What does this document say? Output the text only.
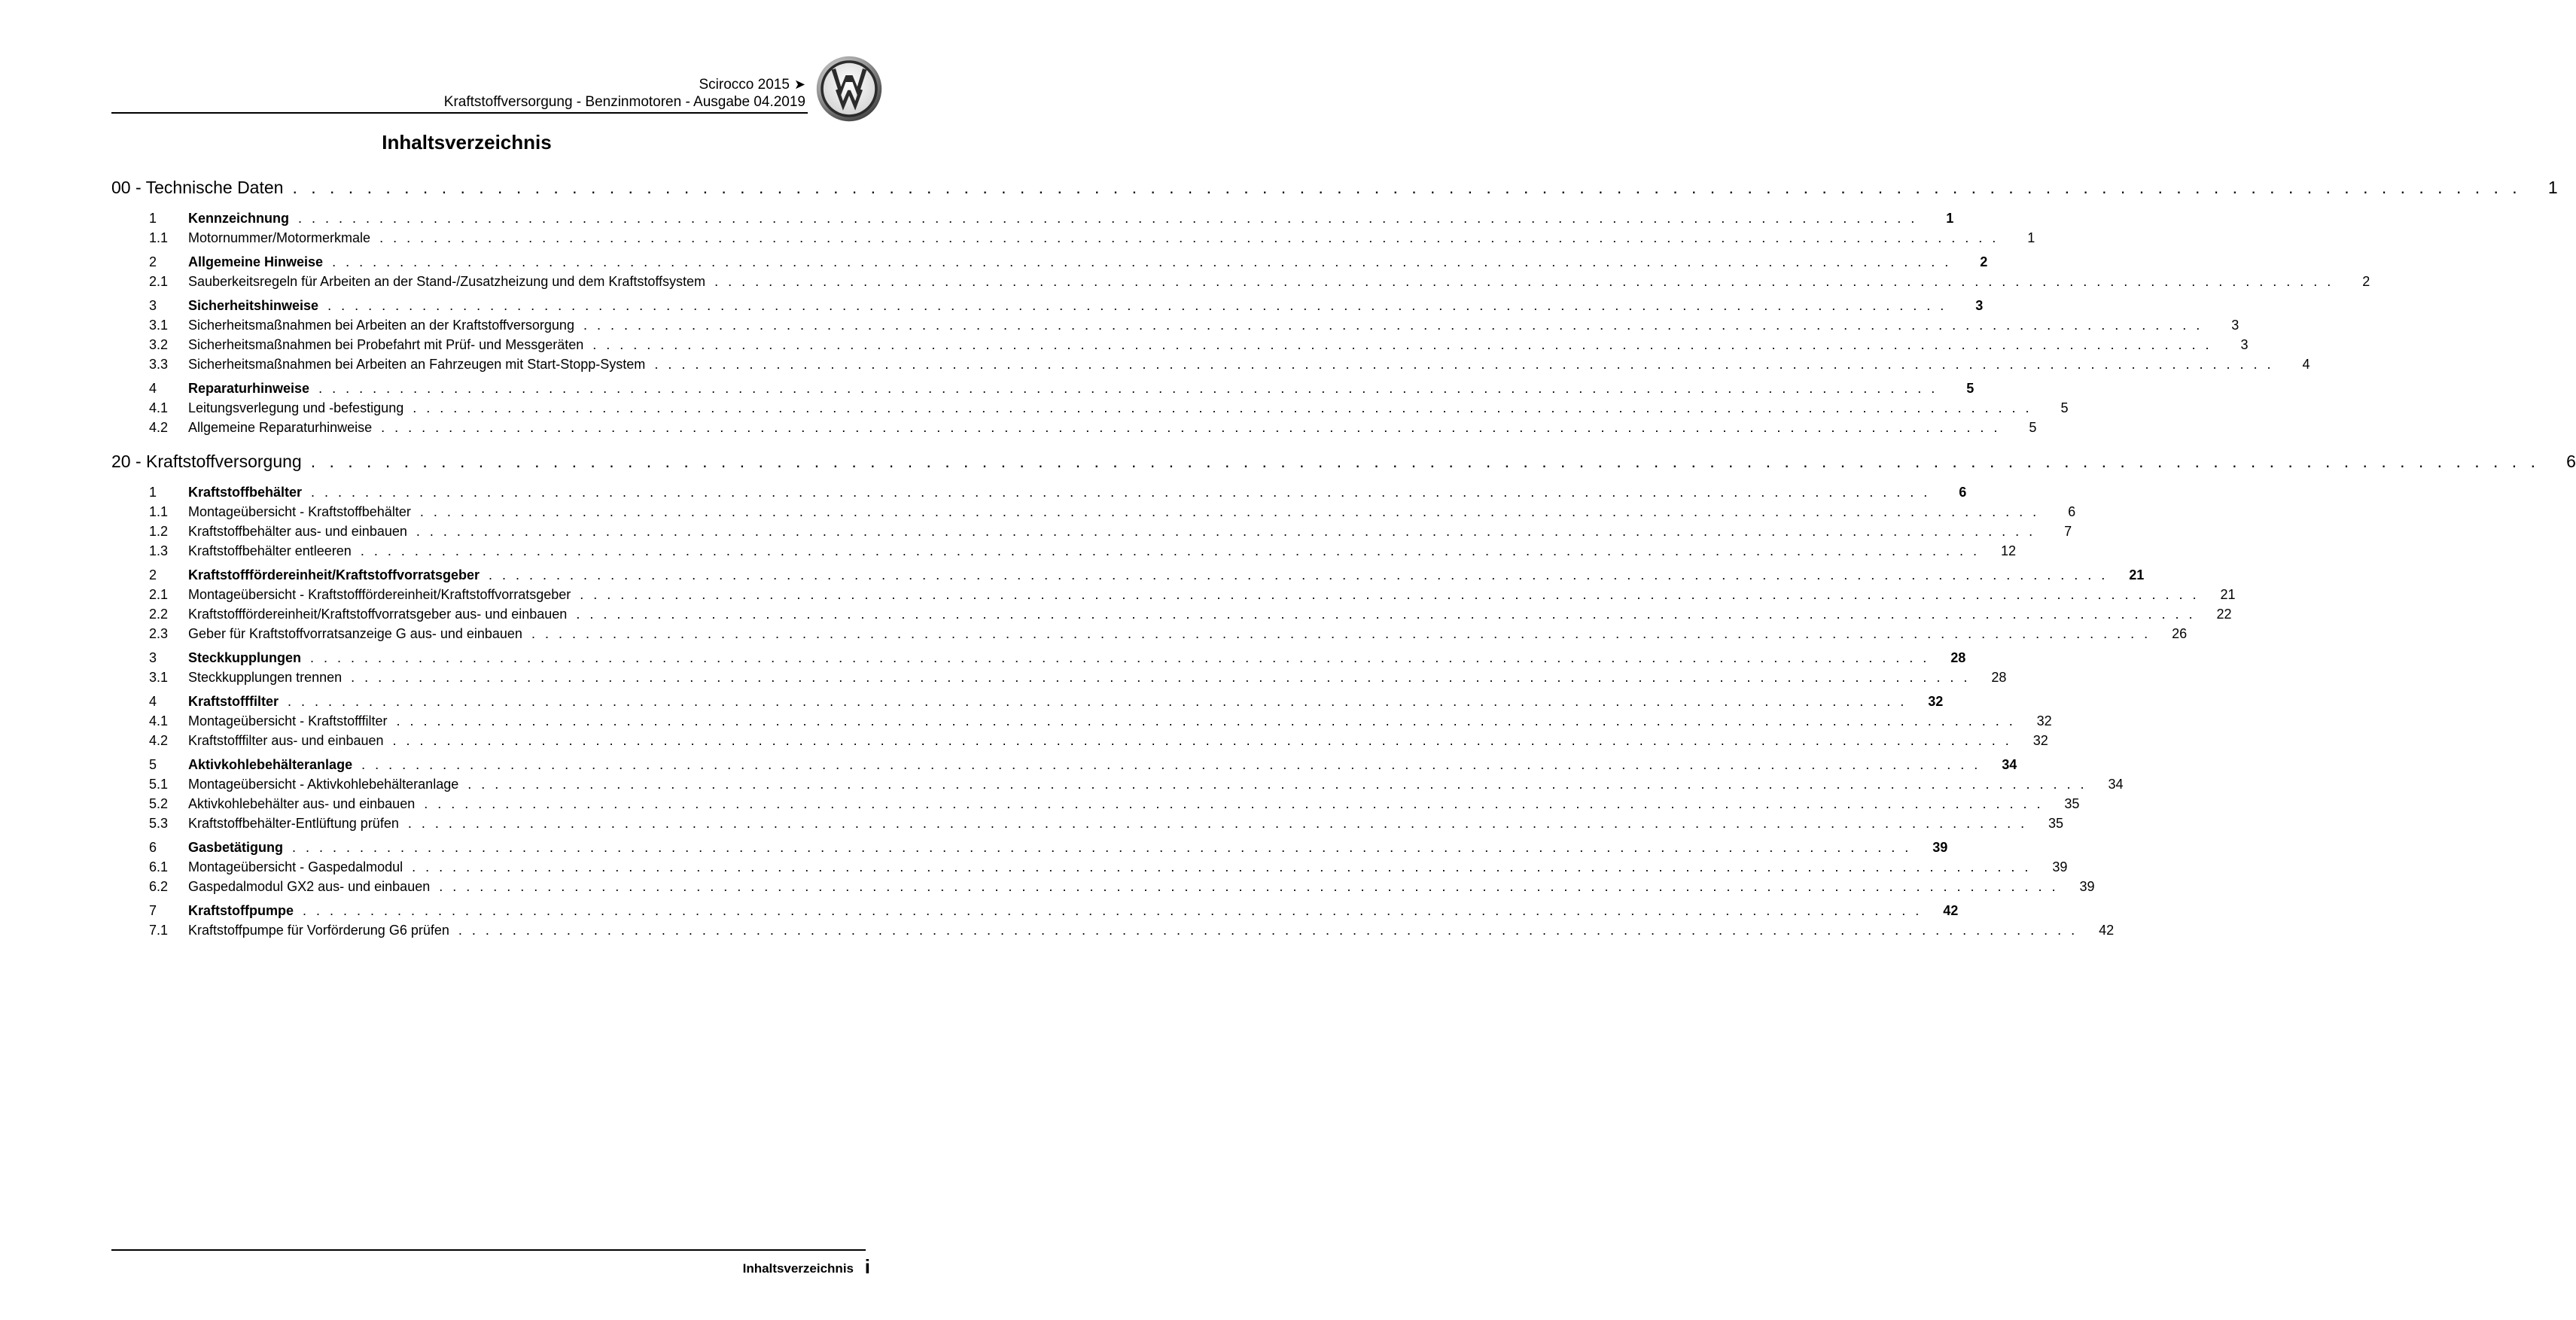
Scirocco 2015 ➤
Kraftstoffversorgung - Benzinmotoren - Ausgabe 04.2019
Inhaltsverzeichnis
00 - Technische Daten . . . . . . . . . . . . . . . . . . . . . . . . . . . . . . . . . . . . . . . . . . . . . . . . . . . . . . . . . . . . . . . . . . . . . . . . . . . . . . . . . . . . . . . . . . . . . . . . . . . . . . . . . . . . . . . . . . . . . . . .	1
1	Kennzeichnung . . . . . . . . . . . . . . . . . . . . . . . . . . . . . . . . . . . . . . . . . . . . . . . . . . . . . . . . . . . . . . . . . . . . . . . . . . . . . . . . . . . . . . . . . . . . . . . . . . . . . . . . . . . . . . . . . . . . . . . .	1
1.1	Motornummer/Motormerkmale . . . . . . . . . . . . . . . . . . . . . . . . . . . . . . . . . . . . . . . . . . . . . . . . . . . . . . . . . . . . . . . . . . . . . . . . . . . . . . . . . . . . . . . . . . . . . . . . . . . . . . . . . . . . . . . . . . . . . . . .	1
2	Allgemeine Hinweise . . . . . . . . . . . . . . . . . . . . . . . . . . . . . . . . . . . . . . . . . . . . . . . . . . . . . . . . . . . . . . . . . . . . . . . . . . . . . . . . . . . . . . . . . . . . . . . . . . . . . . . . . . . . . . . . . . . . . . . .	2
2.1	Sauberkeitsregeln für Arbeiten an der Stand-/Zusatzheizung und dem Kraftstoffsystem . . . . . . . . . . . . . . . . . . . . . . . . . . . . . . . . . . . . . . . . . . . . . . . . . . . . . . . . . . . . . . . . . . . . . . . . . . . . . . . . . . . . . . . . . . . . . . . . . . . . . . . . . . . . . . . . . . . . . . . .	2
3	Sicherheitshinweise . . . . . . . . . . . . . . . . . . . . . . . . . . . . . . . . . . . . . . . . . . . . . . . . . . . . . . . . . . . . . . . . . . . . . . . . . . . . . . . . . . . . . . . . . . . . . . . . . . . . . . . . . . . . . . . . . . . . . . . .	3
3.1	Sicherheitsmaßnahmen bei Arbeiten an der Kraftstoffversorgung . . . . . . . . . . . . . . . . . . . . . . . . . . . . . . . . . . . . . . . . . . . . . . . . . . . . . . . . . . . . . . . . . . . . . . . . . . . . . . . . . . . . . . . . . . . . . . . . . . . . . . . . . . . . . . . . . . . . . . . .	3
3.2	Sicherheitsmaßnahmen bei Probefahrt mit Prüf- und Messgeräten . . . . . . . . . . . . . . . . . . . . . . . . . . . . . . . . . . . . . . . . . . . . . . . . . . . . . . . . . . . . . . . . . . . . . . . . . . . . . . . . . . . . . . . . . . . . . . . . . . . . . . . . . . . . . . . . . . . . . . . .	3
3.3	Sicherheitsmaßnahmen bei Arbeiten an Fahrzeugen mit Start-Stopp-System . . . . . . . . . . . . . . . . . . . . . . . . . . . . . . . . . . . . . . . . . . . . . . . . . . . . . . . . . . . . . . . . . . . . . . . . . . . . . . . . . . . . . . . . . . . . . . . . . . . . . . . . . . . . . . . . . . . . . . . .	4
4	Reparaturhinweise . . . . . . . . . . . . . . . . . . . . . . . . . . . . . . . . . . . . . . . . . . . . . . . . . . . . . . . . . . . . . . . . . . . . . . . . . . . . . . . . . . . . . . . . . . . . . . . . . . . . . . . . . . . . . . . . . . . . . . . .	5
4.1	Leitungsverlegung und -befestigung . . . . . . . . . . . . . . . . . . . . . . . . . . . . . . . . . . . . . . . . . . . . . . . . . . . . . . . . . . . . . . . . . . . . . . . . . . . . . . . . . . . . . . . . . . . . . . . . . . . . . . . . . . . . . . . . . . . . . . . .	5
4.2	Allgemeine Reparaturhinweise . . . . . . . . . . . . . . . . . . . . . . . . . . . . . . . . . . . . . . . . . . . . . . . . . . . . . . . . . . . . . . . . . . . . . . . . . . . . . . . . . . . . . . . . . . . . . . . . . . . . . . . . . . . . . . . . . . . . . . . .	5
20 - Kraftstoffversorgung . . . . . . . . . . . . . . . . . . . . . . . . . . . . . . . . . . . . . . . . . . . . . . . . . . . . . . . . . . . . . . . . . . . . . . . . . . . . . . . . . . . . . . . . . . . . . . . . . . . . . . . . . . . . . . . . . . . . . . . .	6
1	Kraftstoffbehälter . . . . . . . . . . . . . . . . . . . . . . . . . . . . . . . . . . . . . . . . . . . . . . . . . . . . . . . . . . . . . . . . . . . . . . . . . . . . . . . . . . . . . . . . . . . . . . . . . . . . . . . . . . . . . . . . . . . . . . . .	6
1.1	Montageübersicht - Kraftstoffbehälter . . . . . . . . . . . . . . . . . . . . . . . . . . . . . . . . . . . . . . . . . . . . . . . . . . . . . . . . . . . . . . . . . . . . . . . . . . . . . . . . . . . . . . . . . . . . . . . . . . . . . . . . . . . . . . . . . . . . . . . .	6
1.2	Kraftstoffbehälter aus- und einbauen . . . . . . . . . . . . . . . . . . . . . . . . . . . . . . . . . . . . . . . . . . . . . . . . . . . . . . . . . . . . . . . . . . . . . . . . . . . . . . . . . . . . . . . . . . . . . . . . . . . . . . . . . . . . . . . . . . . . . . . .	7
1.3	Kraftstoffbehälter entleeren . . . . . . . . . . . . . . . . . . . . . . . . . . . . . . . . . . . . . . . . . . . . . . . . . . . . . . . . . . . . . . . . . . . . . . . . . . . . . . . . . . . . . . . . . . . . . . . . . . . . . . . . . . . . . . . . . . . . . . . .	12
2	Kraftstofffördereinheit/Kraftstoffvorratsgeber . . . . . . . . . . . . . . . . . . . . . . . . . . . . . . . . . . . . . . . . . . . . . . . . . . . . . . . . . . . . . . . . . . . . . . . . . . . . . . . . . . . . . . . . . . . . . . . . . . . . . . . . . . . . . . . . . . . . . . . .	21
2.1	Montageübersicht - Kraftstofffördereinheit/Kraftstoffvorratsgeber . . . . . . . . . . . . . . . . . . . . . . . . . . . . . . . . . . . . . . . . . . . . . . . . . . . . . . . . . . . . . . . . . . . . . . . . . . . . . . . . . . . . . . . . . . . . . . . . . . . . . . . . . . . . . . . . . . . . . . . .	21
2.2	Kraftstofffördereinheit/Kraftstoffvorratsgeber aus- und einbauen . . . . . . . . . . . . . . . . . . . . . . . . . . . . . . . . . . . . . . . . . . . . . . . . . . . . . . . . . . . . . . . . . . . . . . . . . . . . . . . . . . . . . . . . . . . . . . . . . . . . . . . . . . . . . . . . . . . . . . . .	22
2.3	Geber für Kraftstoffvorratsanzeige G aus- und einbauen . . . . . . . . . . . . . . . . . . . . . . . . . . . . . . . . . . . . . . . . . . . . . . . . . . . . . . . . . . . . . . . . . . . . . . . . . . . . . . . . . . . . . . . . . . . . . . . . . . . . . . . . . . . . . . . . . . . . . . . .	26
3	Steckkupplungen . . . . . . . . . . . . . . . . . . . . . . . . . . . . . . . . . . . . . . . . . . . . . . . . . . . . . . . . . . . . . . . . . . . . . . . . . . . . . . . . . . . . . . . . . . . . . . . . . . . . . . . . . . . . . . . . . . . . . . . .	28
3.1	Steckkupplungen trennen . . . . . . . . . . . . . . . . . . . . . . . . . . . . . . . . . . . . . . . . . . . . . . . . . . . . . . . . . . . . . . . . . . . . . . . . . . . . . . . . . . . . . . . . . . . . . . . . . . . . . . . . . . . . . . . . . . . . . . . .	28
4	Kraftstofffilter . . . . . . . . . . . . . . . . . . . . . . . . . . . . . . . . . . . . . . . . . . . . . . . . . . . . . . . . . . . . . . . . . . . . . . . . . . . . . . . . . . . . . . . . . . . . . . . . . . . . . . . . . . . . . . . . . . . . . . . .	32
4.1	Montageübersicht - Kraftstofffilter . . . . . . . . . . . . . . . . . . . . . . . . . . . . . . . . . . . . . . . . . . . . . . . . . . . . . . . . . . . . . . . . . . . . . . . . . . . . . . . . . . . . . . . . . . . . . . . . . . . . . . . . . . . . . . . . . . . . . . . .	32
4.2	Kraftstofffilter aus- und einbauen . . . . . . . . . . . . . . . . . . . . . . . . . . . . . . . . . . . . . . . . . . . . . . . . . . . . . . . . . . . . . . . . . . . . . . . . . . . . . . . . . . . . . . . . . . . . . . . . . . . . . . . . . . . . . . . . . . . . . . . .	32
5	Aktivkohlebehälteranlage . . . . . . . . . . . . . . . . . . . . . . . . . . . . . . . . . . . . . . . . . . . . . . . . . . . . . . . . . . . . . . . . . . . . . . . . . . . . . . . . . . . . . . . . . . . . . . . . . . . . . . . . . . . . . . . . . . . . . . . .	34
5.1	Montageübersicht - Aktivkohlebehälteranlage . . . . . . . . . . . . . . . . . . . . . . . . . . . . . . . . . . . . . . . . . . . . . . . . . . . . . . . . . . . . . . . . . . . . . . . . . . . . . . . . . . . . . . . . . . . . . . . . . . . . . . . . . . . . . . . . . . . . . . . .	34
5.2	Aktivkohlebehälter aus- und einbauen . . . . . . . . . . . . . . . . . . . . . . . . . . . . . . . . . . . . . . . . . . . . . . . . . . . . . . . . . . . . . . . . . . . . . . . . . . . . . . . . . . . . . . . . . . . . . . . . . . . . . . . . . . . . . . . . . . . . . . . .	35
5.3	Kraftstoffbehälter-Entlüftung prüfen . . . . . . . . . . . . . . . . . . . . . . . . . . . . . . . . . . . . . . . . . . . . . . . . . . . . . . . . . . . . . . . . . . . . . . . . . . . . . . . . . . . . . . . . . . . . . . . . . . . . . . . . . . . . . . . . . . . . . . . .	35
6	Gasbetätigung . . . . . . . . . . . . . . . . . . . . . . . . . . . . . . . . . . . . . . . . . . . . . . . . . . . . . . . . . . . . . . . . . . . . . . . . . . . . . . . . . . . . . . . . . . . . . . . . . . . . . . . . . . . . . . . . . . . . . . . .	39
6.1	Montageübersicht - Gaspedalmodul . . . . . . . . . . . . . . . . . . . . . . . . . . . . . . . . . . . . . . . . . . . . . . . . . . . . . . . . . . . . . . . . . . . . . . . . . . . . . . . . . . . . . . . . . . . . . . . . . . . . . . . . . . . . . . . . . . . . . . . .	39
6.2	Gaspedalmodul GX2 aus- und einbauen . . . . . . . . . . . . . . . . . . . . . . . . . . . . . . . . . . . . . . . . . . . . . . . . . . . . . . . . . . . . . . . . . . . . . . . . . . . . . . . . . . . . . . . . . . . . . . . . . . . . . . . . . . . . . . . . . . . . . . . .	39
7	Kraftstoffpumpe . . . . . . . . . . . . . . . . . . . . . . . . . . . . . . . . . . . . . . . . . . . . . . . . . . . . . . . . . . . . . . . . . . . . . . . . . . . . . . . . . . . . . . . . . . . . . . . . . . . . . . . . . . . . . . . . . . . . . . . .	42
7.1	Kraftstoffpumpe für Vorförderung G6 prüfen . . . . . . . . . . . . . . . . . . . . . . . . . . . . . . . . . . . . . . . . . . . . . . . . . . . . . . . . . . . . . . . . . . . . . . . . . . . . . . . . . . . . . . . . . . . . . . . . . . . . . . . . . . . . . . . . . . . . . . . .	42
Inhaltsverzeichnis i
